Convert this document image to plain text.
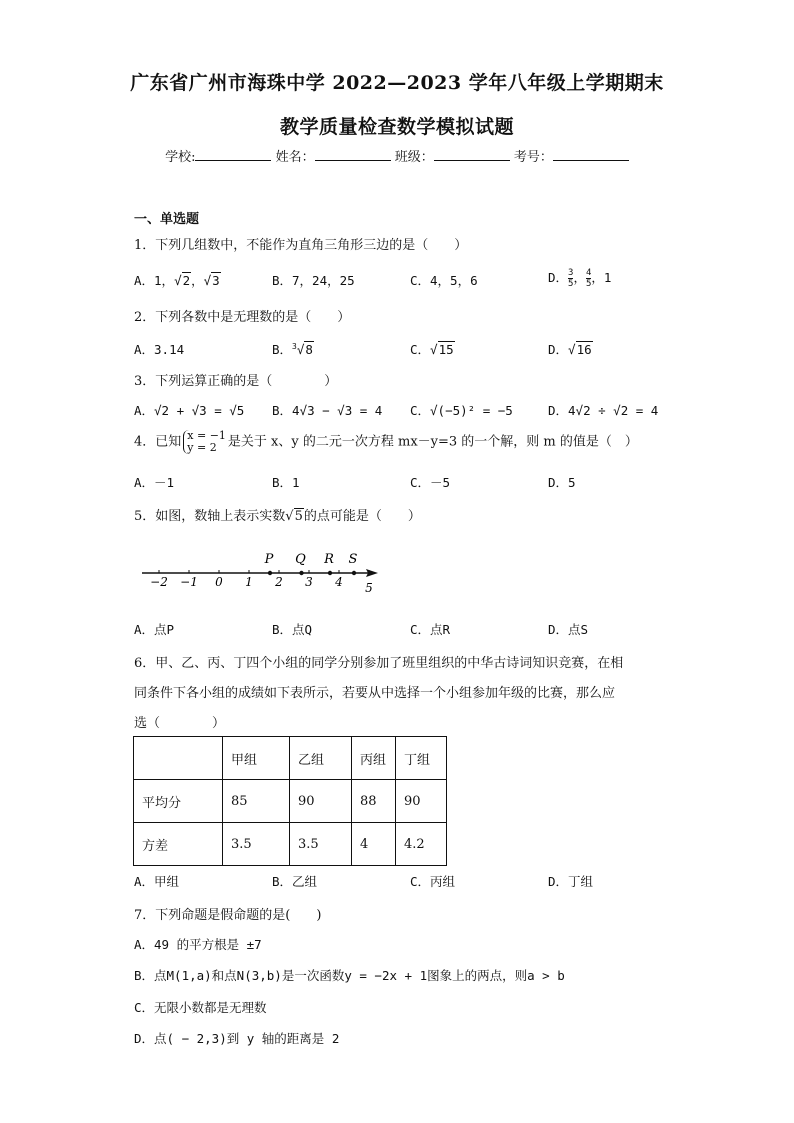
广东省广州市海珠中学 2022—2023 学年八年级上学期期末
教学质量检查数学模拟试题
学校:	姓名：	班级：	考号：
一、单选题
1．下列几组数中，不能作为直角三角形三边的是（　　）
A．1，√2，√3	B．7，24，25	C．4，5，6	D． $\frac{3}{5}$ ， $\frac{4}{5}$ ，1
2．下列各数中是无理数的是（　　）
A．3.14	B．$^3$√8	C．√15	D．√16
3．下列运算正确的是（　　　　）
A．√2 + √3 = √5 B．4√3 − √3 = 4 C．√(−5)² = −5	D．4√2 ÷ √2 = 4
4．已知 x = −1
y = 2 是关于 x、y 的二元一次方程 mx－y=3 的一个解，则 m 的值是（　）
A．－1	B．1	C．－5	D．5
5．如图，数轴上表示实数√5的点可能是（　　）
−2 −1 0 1 2 3 4 5
P Q R S
A．点P	B．点Q	C．点R	D．点S
6．甲、乙、丙、丁四个小组的同学分别参加了班里组织的中华古诗词知识竞赛，在相
同条件下各小组的成绩如下表所示，若要从中选择一个小组参加年级的比赛，那么应
选（　　　　）
	甲组	乙组	丙组	丁组
平均分	85	90	88	90
方差	3.5	3.5	4	4.2
A．甲组	B．乙组	C．丙组	D．丁组
7．下列命题是假命题的是(　　)
A．49 的平方根是 ±7
B．点M(1,a)和点N(3,b)是一次函数y = −2x + 1图象上的两点，则a > b
C．无限小数都是无理数
D．点( − 2,3)到 y 轴的距离是 2
